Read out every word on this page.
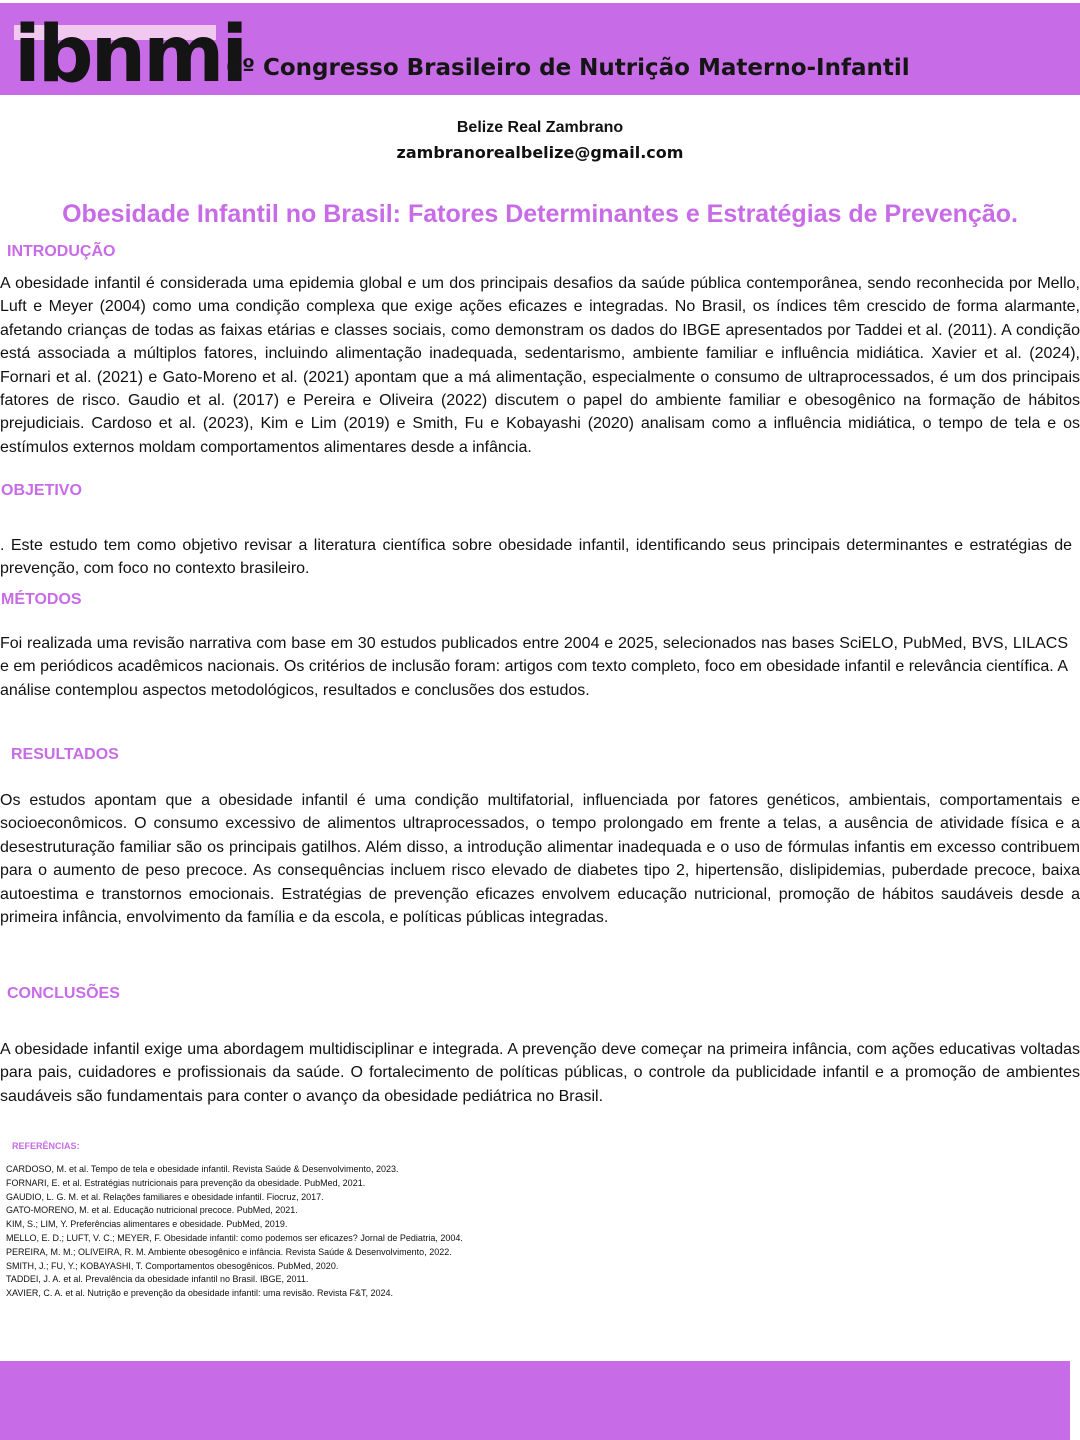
ibnmi
6º Congresso Brasileiro de Nutrição Materno-Infantil
Belize Real Zambrano
zambranorealbelize@gmail.com
Obesidade Infantil no Brasil: Fatores Determinantes e Estratégias de Prevenção.
INTRODUÇÃO
A obesidade infantil é considerada uma epidemia global e um dos principais desafios da saúde pública contemporânea, sendo reconhecida por Mello, Luft e Meyer (2004) como uma condição complexa que exige ações eficazes e integradas. No Brasil, os índices têm crescido de forma alarmante, afetando crianças de todas as faixas etárias e classes sociais, como demonstram os dados do IBGE apresentados por Taddei et al. (2011). A condição está associada a múltiplos fatores, incluindo alimentação inadequada, sedentarismo, ambiente familiar e influência midiática. Xavier et al. (2024), Fornari et al. (2021) e Gato-Moreno et al. (2021) apontam que a má alimentação, especialmente o consumo de ultraprocessados, é um dos principais fatores de risco. Gaudio et al. (2017) e Pereira e Oliveira (2022) discutem o papel do ambiente familiar e obesogênico na formação de hábitos prejudiciais. Cardoso et al. (2023), Kim e Lim (2019) e Smith, Fu e Kobayashi (2020) analisam como a influência midiática, o tempo de tela e os estímulos externos moldam comportamentos alimentares desde a infância.
OBJETIVO
. Este estudo tem como objetivo revisar a literatura científica sobre obesidade infantil, identificando seus principais determinantes e estratégias de prevenção, com foco no contexto brasileiro.
MÉTODOS
Foi realizada uma revisão narrativa com base em 30 estudos publicados entre 2004 e 2025, selecionados nas bases SciELO, PubMed, BVS, LILACS e em periódicos acadêmicos nacionais. Os critérios de inclusão foram: artigos com texto completo, foco em obesidade infantil e relevância científica. A análise contemplou aspectos metodológicos, resultados e conclusões dos estudos.
RESULTADOS
Os estudos apontam que a obesidade infantil é uma condição multifatorial, influenciada por fatores genéticos, ambientais, comportamentais e socioeconômicos. O consumo excessivo de alimentos ultraprocessados, o tempo prolongado em frente a telas, a ausência de atividade física e a desestruturação familiar são os principais gatilhos. Além disso, a introdução alimentar inadequada e o uso de fórmulas infantis em excesso contribuem para o aumento de peso precoce. As consequências incluem risco elevado de diabetes tipo 2, hipertensão, dislipidemias, puberdade precoce, baixa autoestima e transtornos emocionais. Estratégias de prevenção eficazes envolvem educação nutricional, promoção de hábitos saudáveis desde a primeira infância, envolvimento da família e da escola, e políticas públicas integradas.
CONCLUSÕES
A obesidade infantil exige uma abordagem multidisciplinar e integrada. A prevenção deve começar na primeira infância, com ações educativas voltadas para pais, cuidadores e profissionais da saúde. O fortalecimento de políticas públicas, o controle da publicidade infantil e a promoção de ambientes saudáveis são fundamentais para conter o avanço da obesidade pediátrica no Brasil.
REFERÊNCIAS:
CARDOSO, M. et al. Tempo de tela e obesidade infantil. Revista Saúde & Desenvolvimento, 2023.
FORNARI, E. et al. Estratégias nutricionais para prevenção da obesidade. PubMed, 2021.
GAUDIO, L. G. M. et al. Relações familiares e obesidade infantil. Fiocruz, 2017.
GATO-MORENO, M. et al. Educação nutricional precoce. PubMed, 2021.
KIM, S.; LIM, Y. Preferências alimentares e obesidade. PubMed, 2019.
MELLO, E. D.; LUFT, V. C.; MEYER, F. Obesidade infantil: como podemos ser eficazes? Jornal de Pediatria, 2004.
PEREIRA, M. M.; OLIVEIRA, R. M. Ambiente obesogênico e infância. Revista Saúde & Desenvolvimento, 2022.
SMITH, J.; FU, Y.; KOBAYASHI, T. Comportamentos obesogênicos. PubMed, 2020.
TADDEI, J. A. et al. Prevalência da obesidade infantil no Brasil. IBGE, 2011.
XAVIER, C. A. et al. Nutrição e prevenção da obesidade infantil: uma revisão. Revista F&T, 2024.
